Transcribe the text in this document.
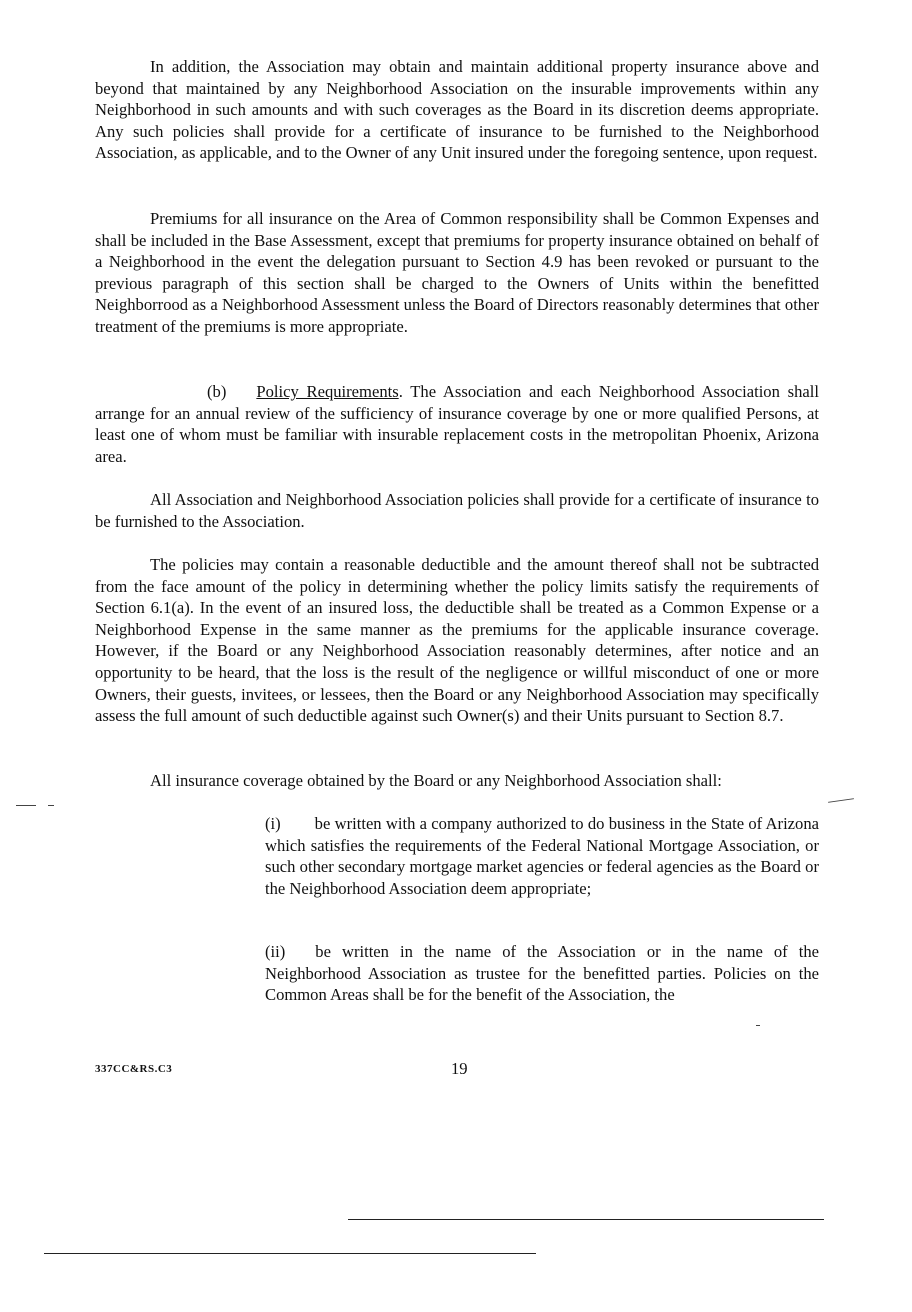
In addition, the Association may obtain and maintain additional property insurance above and beyond that maintained by any Neighborhood Association on the insurable improvements within any Neighborhood in such amounts and with such coverages as the Board in its discretion deems appropriate. Any such policies shall provide for a certificate of insurance to be furnished to the Neighborhood Association, as applicable, and to the Owner of any Unit insured under the foregoing sentence, upon request.

Premiums for all insurance on the Area of Common responsibility shall be Common Expenses and shall be included in the Base Assessment, except that premiums for property insurance obtained on behalf of a Neighborhood in the event the delegation pursuant to Section 4.9 has been revoked or pursuant to the previous paragraph of this section shall be charged to the Owners of Units within the benefitted Neighborrood as a Neighborhood Assessment unless the Board of Directors reasonably determines that other treatment of the premiums is more appropriate.

(b) Policy Requirements. The Association and each Neighborhood Association shall arrange for an annual review of the sufficiency of insurance coverage by one or more qualified Persons, at least one of whom must be familiar with insurable replacement costs in the metropolitan Phoenix, Arizona area.

All Association and Neighborhood Association policies shall provide for a certificate of insurance to be furnished to the Association.

The policies may contain a reasonable deductible and the amount thereof shall not be subtracted from the face amount of the policy in determining whether the policy limits satisfy the requirements of Section 6.1(a). In the event of an insured loss, the deductible shall be treated as a Common Expense or a Neighborhood Expense in the same manner as the premiums for the applicable insurance coverage. However, if the Board or any Neighborhood Association reasonably determines, after notice and an opportunity to be heard, that the loss is the result of the negligence or willful misconduct of one or more Owners, their guests, invitees, or lessees, then the Board or any Neighborhood Association may specifically assess the full amount of such deductible against such Owner(s) and their Units pursuant to Section 8.7.

All insurance coverage obtained by the Board or any Neighborhood Association shall:

(i) be written with a company authorized to do business in the State of Arizona which satisfies the requirements of the Federal National Mortgage Association, or such other secondary mortgage market agencies or federal agencies as the Board or the Neighborhood Association deem appropriate;

(ii) be written in the name of the Association or in the name of the Neighborhood Association as trustee for the benefitted parties. Policies on the Common Areas shall be for the benefit of the Association, the

337CC&RS.C3	19
